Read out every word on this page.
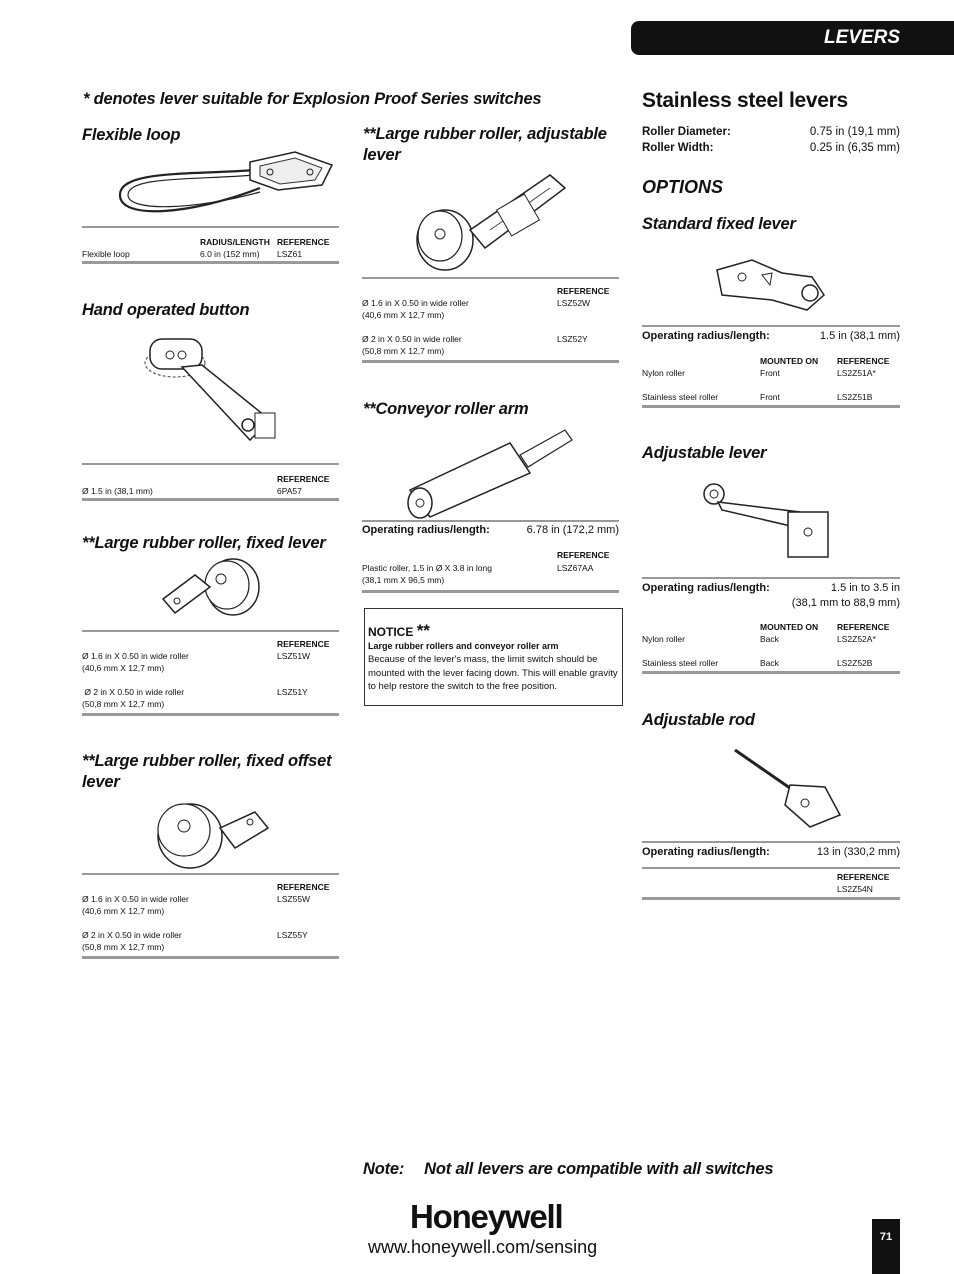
LEVERS
* denotes lever suitable for Explosion Proof Series switches
Flexible loop
RADIUS/LENGTH REFERENCE
Flexible loop	6.0 in (152 mm) LSZ61
Hand operated button
REFERENCE
Ø 1.5 in (38,1 mm)	6PA57
**Large rubber roller, fixed lever
REFERENCE
Ø 1.6 in X 0.50 in wide roller
(40,6 mm X 12,7 mm)
LSZ51W
Ø 2 in X 0.50 in wide roller
(50,8 mm X 12,7 mm)
LSZ51Y
**Large rubber roller, fixed offset
lever
REFERENCE
Ø 1.6 in X 0.50 in wide roller
(40,6 mm X 12,7 mm)
LSZ55W
Ø 2 in X 0.50 in wide roller
(50,8 mm X 12,7 mm)
LSZ55Y
**Large rubber roller, adjustable
lever
REFERENCE
Ø 1.6 in X 0.50 in wide roller
(40,6 mm X 12,7 mm)
LSZ52W
Ø 2 in X 0.50 in wide roller
(50,8 mm X 12,7 mm)
LSZ52Y
**Conveyor roller arm
Operating radius/length:	6.78 in (172,2 mm)
REFERENCE
Plastic roller, 1.5 in Ø X 3.8 in long
(38,1 mm X 96,5 mm)
LSZ67AA
NOTICE **
Large rubber rollers and conveyor roller arm
Because of the lever's mass, the limit switch should be mounted with the lever facing down. This will enable gravity to help restore the switch to the free position.
Stainless steel levers
Roller Diameter:	0.75 in (19,1 mm)
Roller Width:	0.25 in (6,35 mm)
OPTIONS
Standard fixed lever
Operating radius/length:	1.5 in (38,1 mm)
MOUNTED ON REFERENCE
Nylon roller	Front	LS2Z51A*
Stainless steel roller	Front	LS2Z51B
Adjustable lever
Operating radius/length:	1.5 in to 3.5 in
(38,1 mm to 88,9 mm)
MOUNTED ON REFERENCE
Nylon roller	Back	LS2Z52A*
Stainless steel roller	Back	LS2Z52B
Adjustable rod
Operating radius/length:	13 in (330,2 mm)
REFERENCE
LS2Z54N
Note: Not all levers are compatible with all switches
Honeywell
www.honeywell.com/sensing	71
